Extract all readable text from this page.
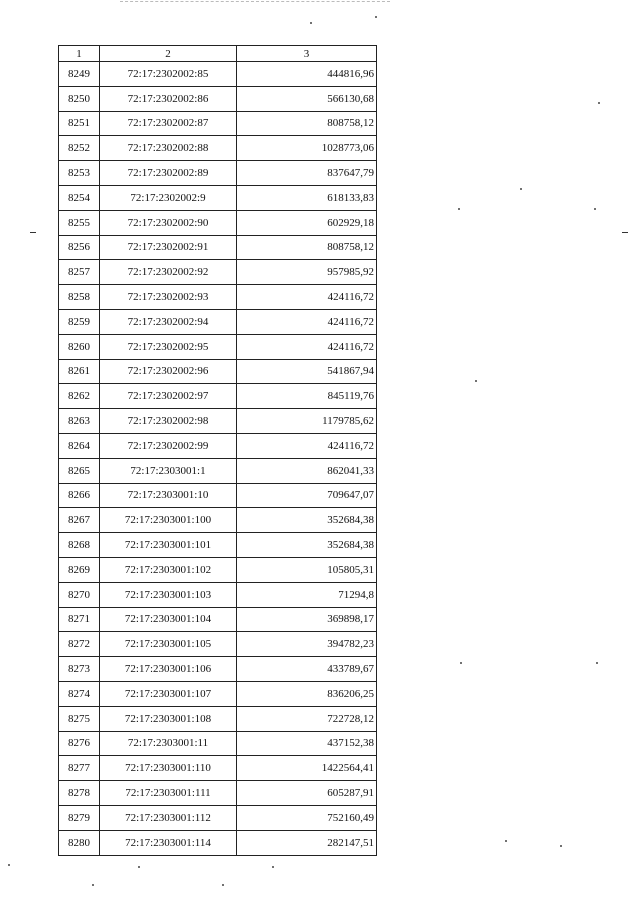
1	2	3
8249	72:17:2302002:85	444816,96
8250	72:17:2302002:86	566130,68
8251	72:17:2302002:87	808758,12
8252	72:17:2302002:88	1028773,06
8253	72:17:2302002:89	837647,79
8254	72:17:2302002:9	618133,83
8255	72:17:2302002:90	602929,18
8256	72:17:2302002:91	808758,12
8257	72:17:2302002:92	957985,92
8258	72:17:2302002:93	424116,72
8259	72:17:2302002:94	424116,72
8260	72:17:2302002:95	424116,72
8261	72:17:2302002:96	541867,94
8262	72:17:2302002:97	845119,76
8263	72:17:2302002:98	1179785,62
8264	72:17:2302002:99	424116,72
8265	72:17:2303001:1	862041,33
8266	72:17:2303001:10	709647,07
8267	72:17:2303001:100	352684,38
8268	72:17:2303001:101	352684,38
8269	72:17:2303001:102	105805,31
8270	72:17:2303001:103	71294,8
8271	72:17:2303001:104	369898,17
8272	72:17:2303001:105	394782,23
8273	72:17:2303001:106	433789,67
8274	72:17:2303001:107	836206,25
8275	72:17:2303001:108	722728,12
8276	72:17:2303001:11	437152,38
8277	72:17:2303001:110	1422564,41
8278	72:17:2303001:111	605287,91
8279	72:17:2303001:112	752160,49
8280	72:17:2303001:114	282147,51
